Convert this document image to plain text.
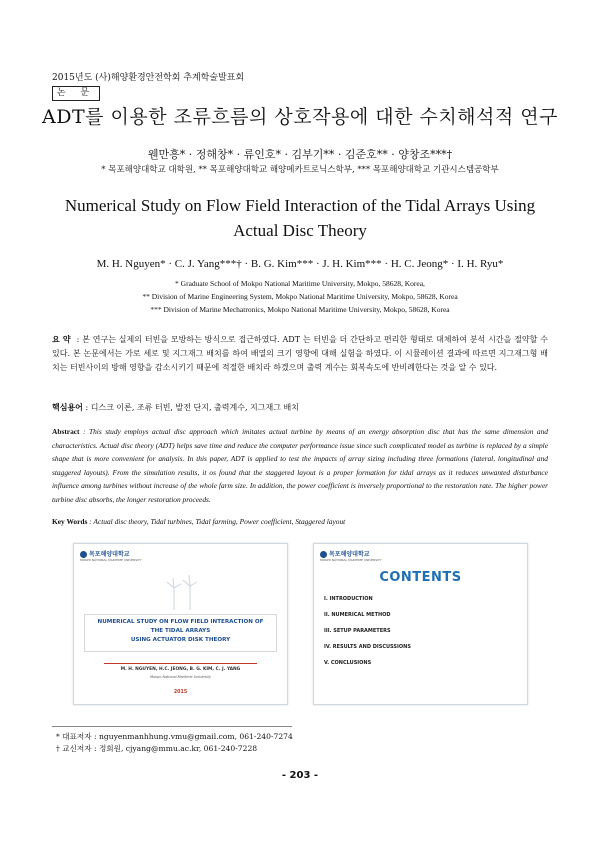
2015년도 (사)해양환경안전학회 추계학술발표회
논 문
ADT를 이용한 조류흐름의 상호작용에 대한 수치해석적 연구
웬만흥* · 정해창* · 류인호* · 김부기** · 김준호** · 양창조***†
* 목포해양대학교 대학원, ** 목포해양대학교 해양메카트로닉스학부, *** 목포해양대학교 기관시스템공학부
Numerical Study on Flow Field Interaction of the Tidal Arrays Using
Actual Disc Theory
M. H. Nguyen* · C. J. Yang***† · B. G. Kim*** · J. H. Kim*** · H. C. Jeong* · I. H. Ryu*
* Graduate School of Mokpo National Maritime University, Mokpo, 58628, Korea,
** Division of Marine Engineering System, Mokpo National Maritime University, Mokpo, 58628, Korea
*** Division of Marine Mechatronics, Mokpo National Maritime University, Mokpo, 58628, Korea
요 약 : 본 연구는 실제의 터빈을 모방하는 방식으로 접근하였다. ADT 는 터빈을 더 간단하고 편리한 형태로 대체하여 분석 시간을 절약할 수 있다. 본 논문에서는 가로 세로 및 지그재그 배치를 하여 배열의 크기 영향에 대해 실험을 하였다. 이 시뮬레이션 결과에 따르면 지그재그형 배치는 터빈사이의 방해 영향을 감소시키기 때문에 적절한 배치라 하겠으며 출력 계수는 회복속도에 반비례한다는 것을 알 수 있다.
핵심용어 : 디스크 이론, 조류 터빈, 발전 단지, 출력계수, 지그재그 배치
Abstract : This study employs actual disc approach which imitates actual turbine by means of an energy absorption disc that has the same dimension and characteristics. Actual disc theory (ADT) helps save time and reduce the computer performance issue since such complicated model as turbine is replaced by a simple shape that is more convenient for analysis. In this paper, ADT is applied to test the impacts of array sizing including three formations (lateral, longitudinal and staggered layouts). From the simulation results, it os found that the staggered layout is a proper formation for tidal arrays as it reduces unwanted disturbance influence among turbines without increase of the whole farm size. In addition, the power coefficient is inversely proportional to the restoration rate. The higher power turbine disc absorbs, the longer restoration proceeds.
Key Words : Actual disc theory, Tidal turbines, Tidal farming, Power coefficient, Staggered layout
목포해양대학교
MOKPO NATIONAL MARITIME UNIVERSITY
NUMERICAL STUDY ON FLOW FIELD INTERACTION OF
THE TIDAL ARRAYS
USING ACTUATOR DISK THEORY
M. H. NGUYEN, H.C. JEONG, B. G. KIM, C. J. YANG
Mokpo National Maritime University
2015
목포해양대학교
MOKPO NATIONAL MARITIME UNIVERSITY
CONTENTS
I. INTRODUCTION
II. NUMERICAL METHOD
III. SETUP PARAMETERS
IV. RESULTS AND DISCUSSIONS
V. CONCLUSIONS
* 대표저자 : nguyenmanhhung.vmu@gmail.com, 061-240-7274
† 교신저자 : 정회원, cjyang@mmu.ac.kr, 061-240-7228
- 203 -
